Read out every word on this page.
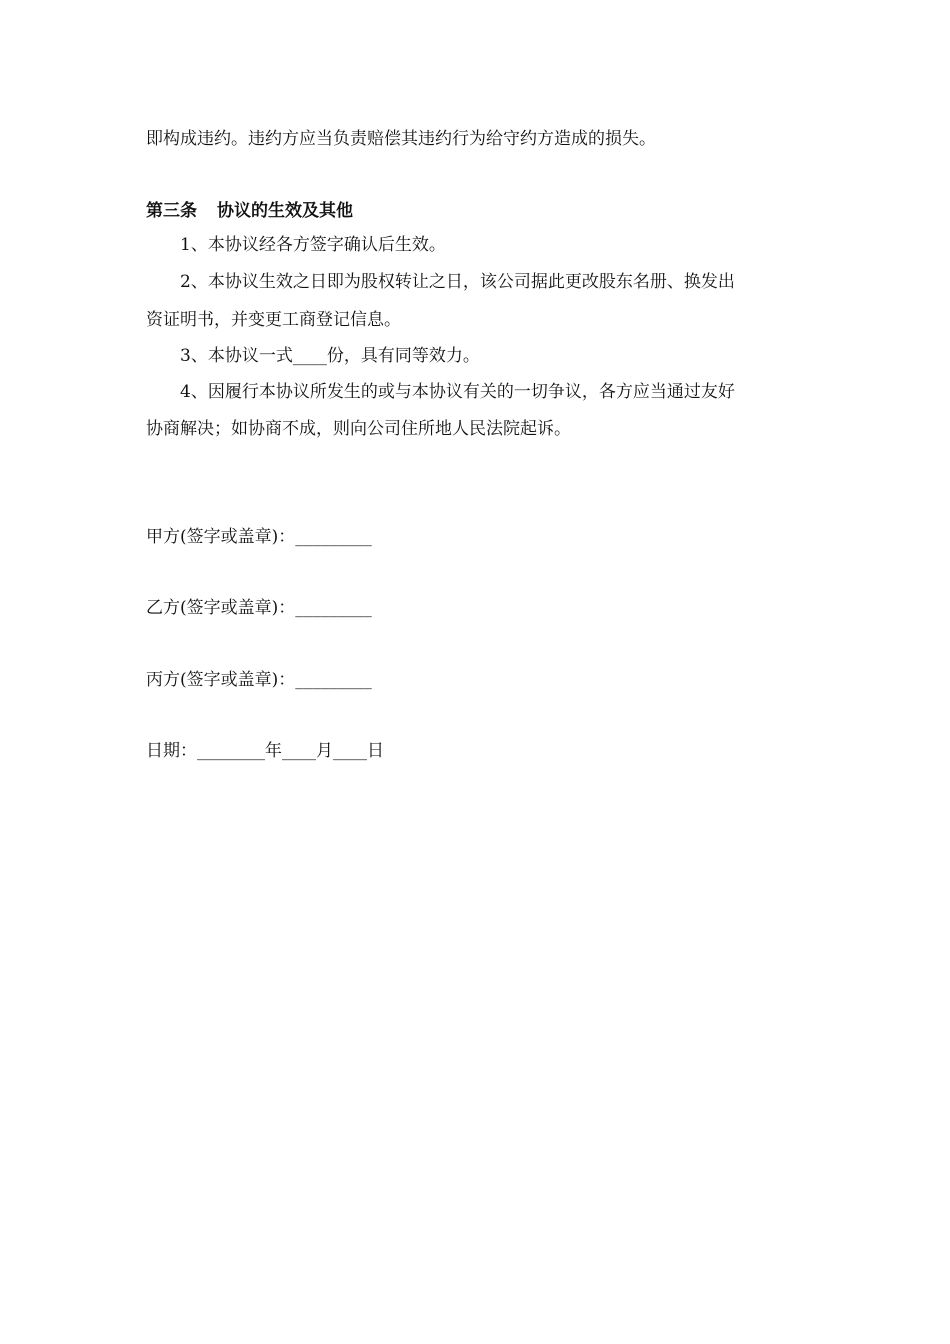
即构成违约。违约方应当负责赔偿其违约行为给守约方造成的损失。
第三条 协议的生效及其他
1、本协议经各方签字确认后生效。
2、本协议生效之日即为股权转让之日，该公司据此更改股东名册、换发出
资证明书，并变更工商登记信息。
3、本协议一式____份，具有同等效力。
4、因履行本协议所发生的或与本协议有关的一切争议，各方应当通过友好
协商解决；如协商不成，则向公司住所地人民法院起诉。
甲方(签字或盖章)：_________
乙方(签字或盖章)：_________
丙方(签字或盖章)：_________
日期：________年____月____日
